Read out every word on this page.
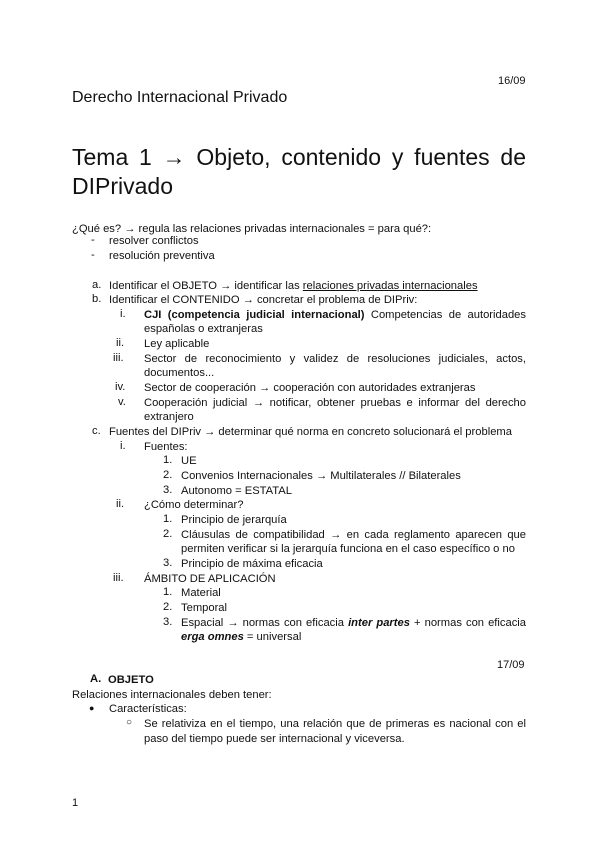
16/09
Derecho Internacional Privado
Tema 1 → Objeto, contenido y fuentes de
DIPrivado
¿Qué es? → regula las relaciones privadas internacionales = para qué?:
- resolver conflictos
- resolución preventiva
a. Identificar el OBJETO → identificar las relaciones privadas internacionales
b. Identificar el CONTENIDO → concretar el problema de DIPriv:
i. CJI (competencia judicial internacional) Competencias de autoridades
españolas o extranjeras
ii. Ley aplicable
iii. Sector de reconocimiento y validez de resoluciones judiciales, actos,
documentos...
iv. Sector de cooperación → cooperación con autoridades extranjeras
v. Cooperación judicial → notificar, obtener pruebas e informar del derecho
extranjero
c. Fuentes del DIPriv → determinar qué norma en concreto solucionará el problema
i. Fuentes:
1. UE
2. Convenios Internacionales → Multilaterales // Bilaterales
3. Autonomo = ESTATAL
ii. ¿Cómo determinar?
1. Principio de jerarquía
2. Cláusulas de compatibilidad → en cada reglamento aparecen que
permiten verificar si la jerarquía funciona en el caso específico o no
3. Principio de máxima eficacia
iii. ÁMBITO DE APLICACIÓN
1. Material
2. Temporal
3. Espacial → normas con eficacia inter partes + normas con eficacia
erga omnes = universal
17/09
A. OBJETO
Relaciones internacionales deben tener:
● Características:
○ Se relativiza en el tiempo, una relación que de primeras es nacional con el
paso del tiempo puede ser internacional y viceversa.
1
